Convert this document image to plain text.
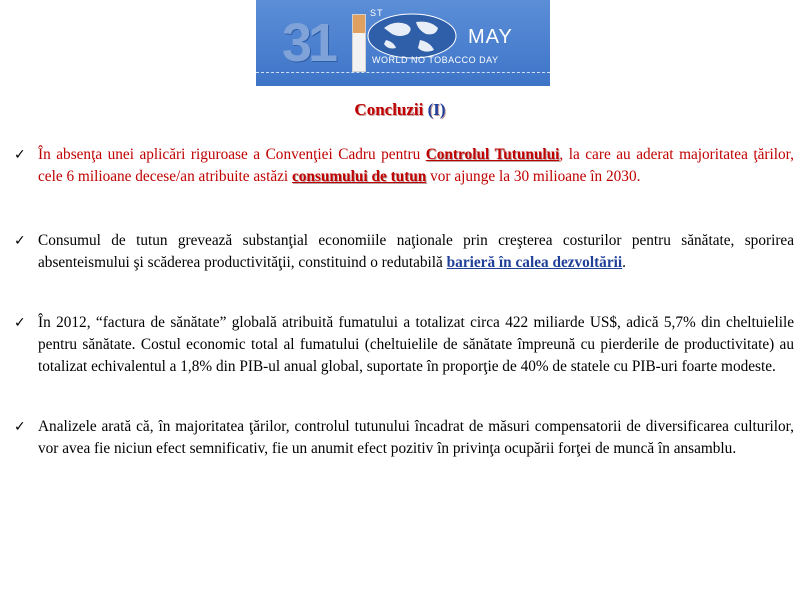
31	ST
MAY
WORLD NO TOBACCO DAY
Concluzii (I)
✓ În absenţa unei aplicări riguroase a Convenţiei Cadru pentru Controlul Tutunului, la care au aderat majoritatea ţărilor, cele 6 milioane decese/an atribuite astăzi consumului de tutun vor ajunge la 30 milioane în 2030.
✓ Consumul de tutun grevează substanţial economiile naţionale prin creşterea costurilor pentru sănătate, sporirea absenteismului şi scăderea productivităţii, constituind o redutabilă barieră în calea dezvoltării.
✓ În 2012, “factura de sănătate” globală atribuită fumatului a totalizat circa 422 miliarde US$, adică 5,7% din cheltuielile pentru sănătate. Costul economic total al fumatului (cheltuielile de sănătate împreună cu pierderile de productivitate) au totalizat echivalentul a 1,8% din PIB-ul anual global, suportate în proporţie de 40% de statele cu PIB-uri foarte modeste.
✓ Analizele arată că, în majoritatea ţărilor, controlul tutunului încadrat de măsuri compensatorii de diversificarea culturilor, vor avea fie niciun efect semnificativ, fie un anumit efect pozitiv în privinţa ocupării forţei de muncă în ansamblu.
